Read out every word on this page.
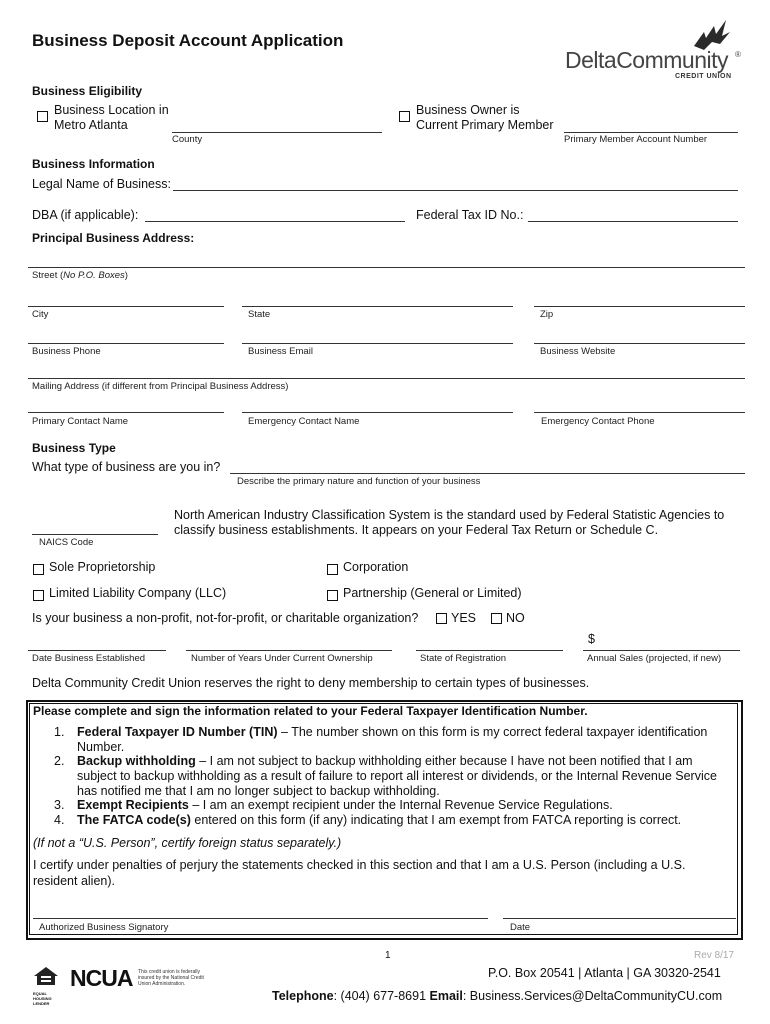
Business Deposit Account Application
DeltaCommunity ®
CREDIT UNION
Business Eligibility
Business Location in
Metro Atlanta
County
Business Owner is
Current Primary Member
Primary Member Account Number
Business Information
Legal Name of Business:
DBA (if applicable):	Federal Tax ID No.:
Principal Business Address:
Street (No P.O. Boxes)
City	State	Zip
Business Phone	Business Email	Business Website
Mailing Address (if different from Principal Business Address)
Primary Contact Name	Emergency Contact Name	Emergency Contact Phone
Business Type
What type of business are you in?
Describe the primary nature and function of your business
North American Industry Classification System is the standard used by Federal Statistic Agencies to
classify business establishments. It appears on your Federal Tax Return or Schedule C.
NAICS Code
Sole Proprietorship	Corporation
Limited Liability Company (LLC)	Partnership (General or Limited)
Is your business a non-profit, not-for-profit, or charitable organization?	YES NO
$
Date Business Established	Number of Years Under Current Ownership	State of Registration	Annual Sales (projected, if new)
Delta Community Credit Union reserves the right to deny membership to certain types of businesses.
Please complete and sign the information related to your Federal Taxpayer Identification Number.
1. Federal Taxpayer ID Number (TIN) – The number shown on this form is my correct federal taxpayer identification
Number.
2. Backup withholding – I am not subject to backup withholding either because I have not been notified that I am
subject to backup withholding as a result of failure to report all interest or dividends, or the Internal Revenue Service
has notified me that I am no longer subject to backup withholding.
3. Exempt Recipients – I am an exempt recipient under the Internal Revenue Service Regulations.
4. The FATCA code(s) entered on this form (if any) indicating that I am exempt from FATCA reporting is correct.
(If not a “U.S. Person”, certify foreign status separately.)
I certify under penalties of perjury the statements checked in this section and that I am a U.S. Person (including a U.S.
resident alien).
Authorized Business Signatory	Date
1	Rev 8/17
EQUAL HOUSING LENDER
NCUA This credit union is federally
insured by the National Credit
Union Administration.
P.O. Box 20541 | Atlanta | GA 30320-2541
Telephone: (404) 677-8691 Email: Business.Services@DeltaCommunityCU.com
